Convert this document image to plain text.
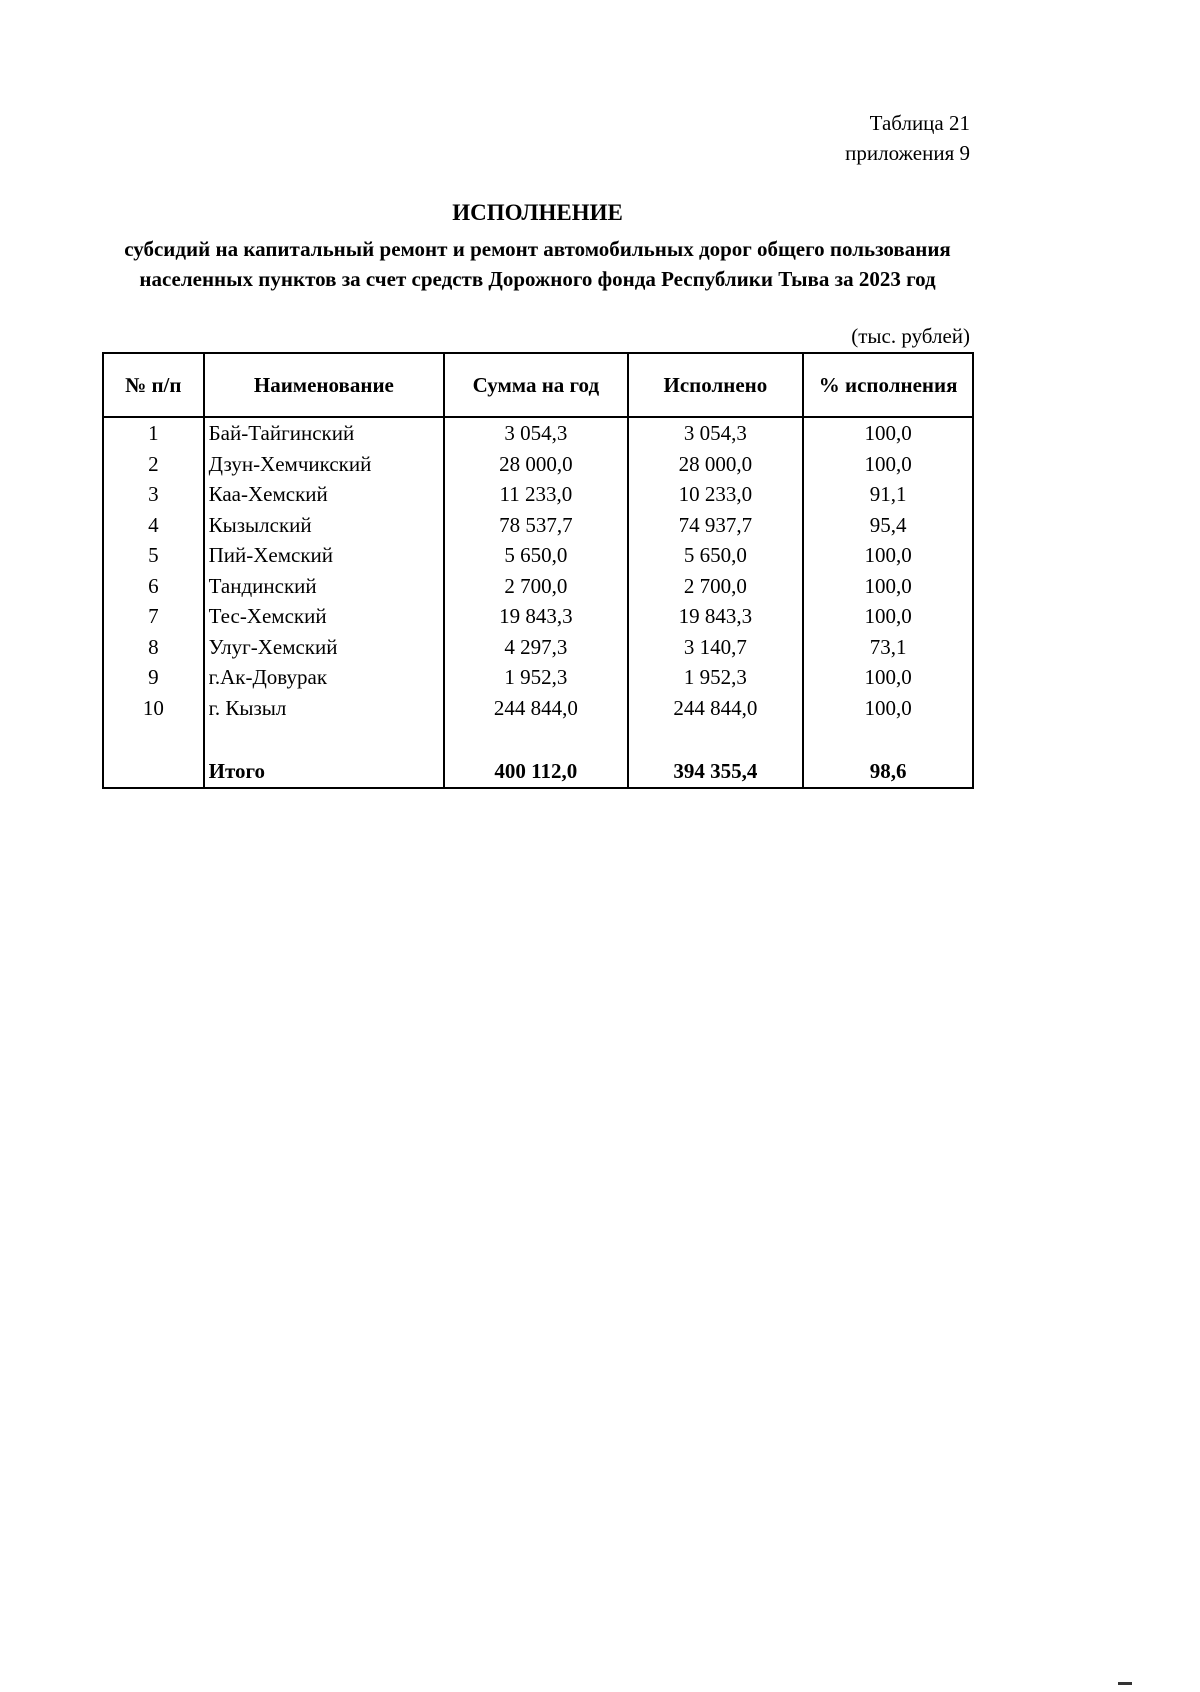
Таблица 21
приложения 9
ИСПОЛНЕНИЕ
субсидий на капитальный ремонт и ремонт автомобильных дорог общего пользования населенных пунктов за счет средств Дорожного фонда Республики Тыва за 2023 год
(тыс. рублей)
№ п/п	Наименование	Сумма на год	Исполнено	% исполнения
1	Бай-Тайгинский	3 054,3	3 054,3	100,0
2	Дзун-Хемчикский	28 000,0	28 000,0	100,0
3	Каа-Хемский	11 233,0	10 233,0	91,1
4	Кызылский	78 537,7	74 937,7	95,4
5	Пий-Хемский	5 650,0	5 650,0	100,0
6	Тандинский	2 700,0	2 700,0	100,0
7	Тес-Хемский	19 843,3	19 843,3	100,0
8	Улуг-Хемский	4 297,3	3 140,7	73,1
9	г.Ак-Довурак	1 952,3	1 952,3	100,0
10	г. Кызыл	244 844,0	244 844,0	100,0

	Итого	400 112,0	394 355,4	98,6
